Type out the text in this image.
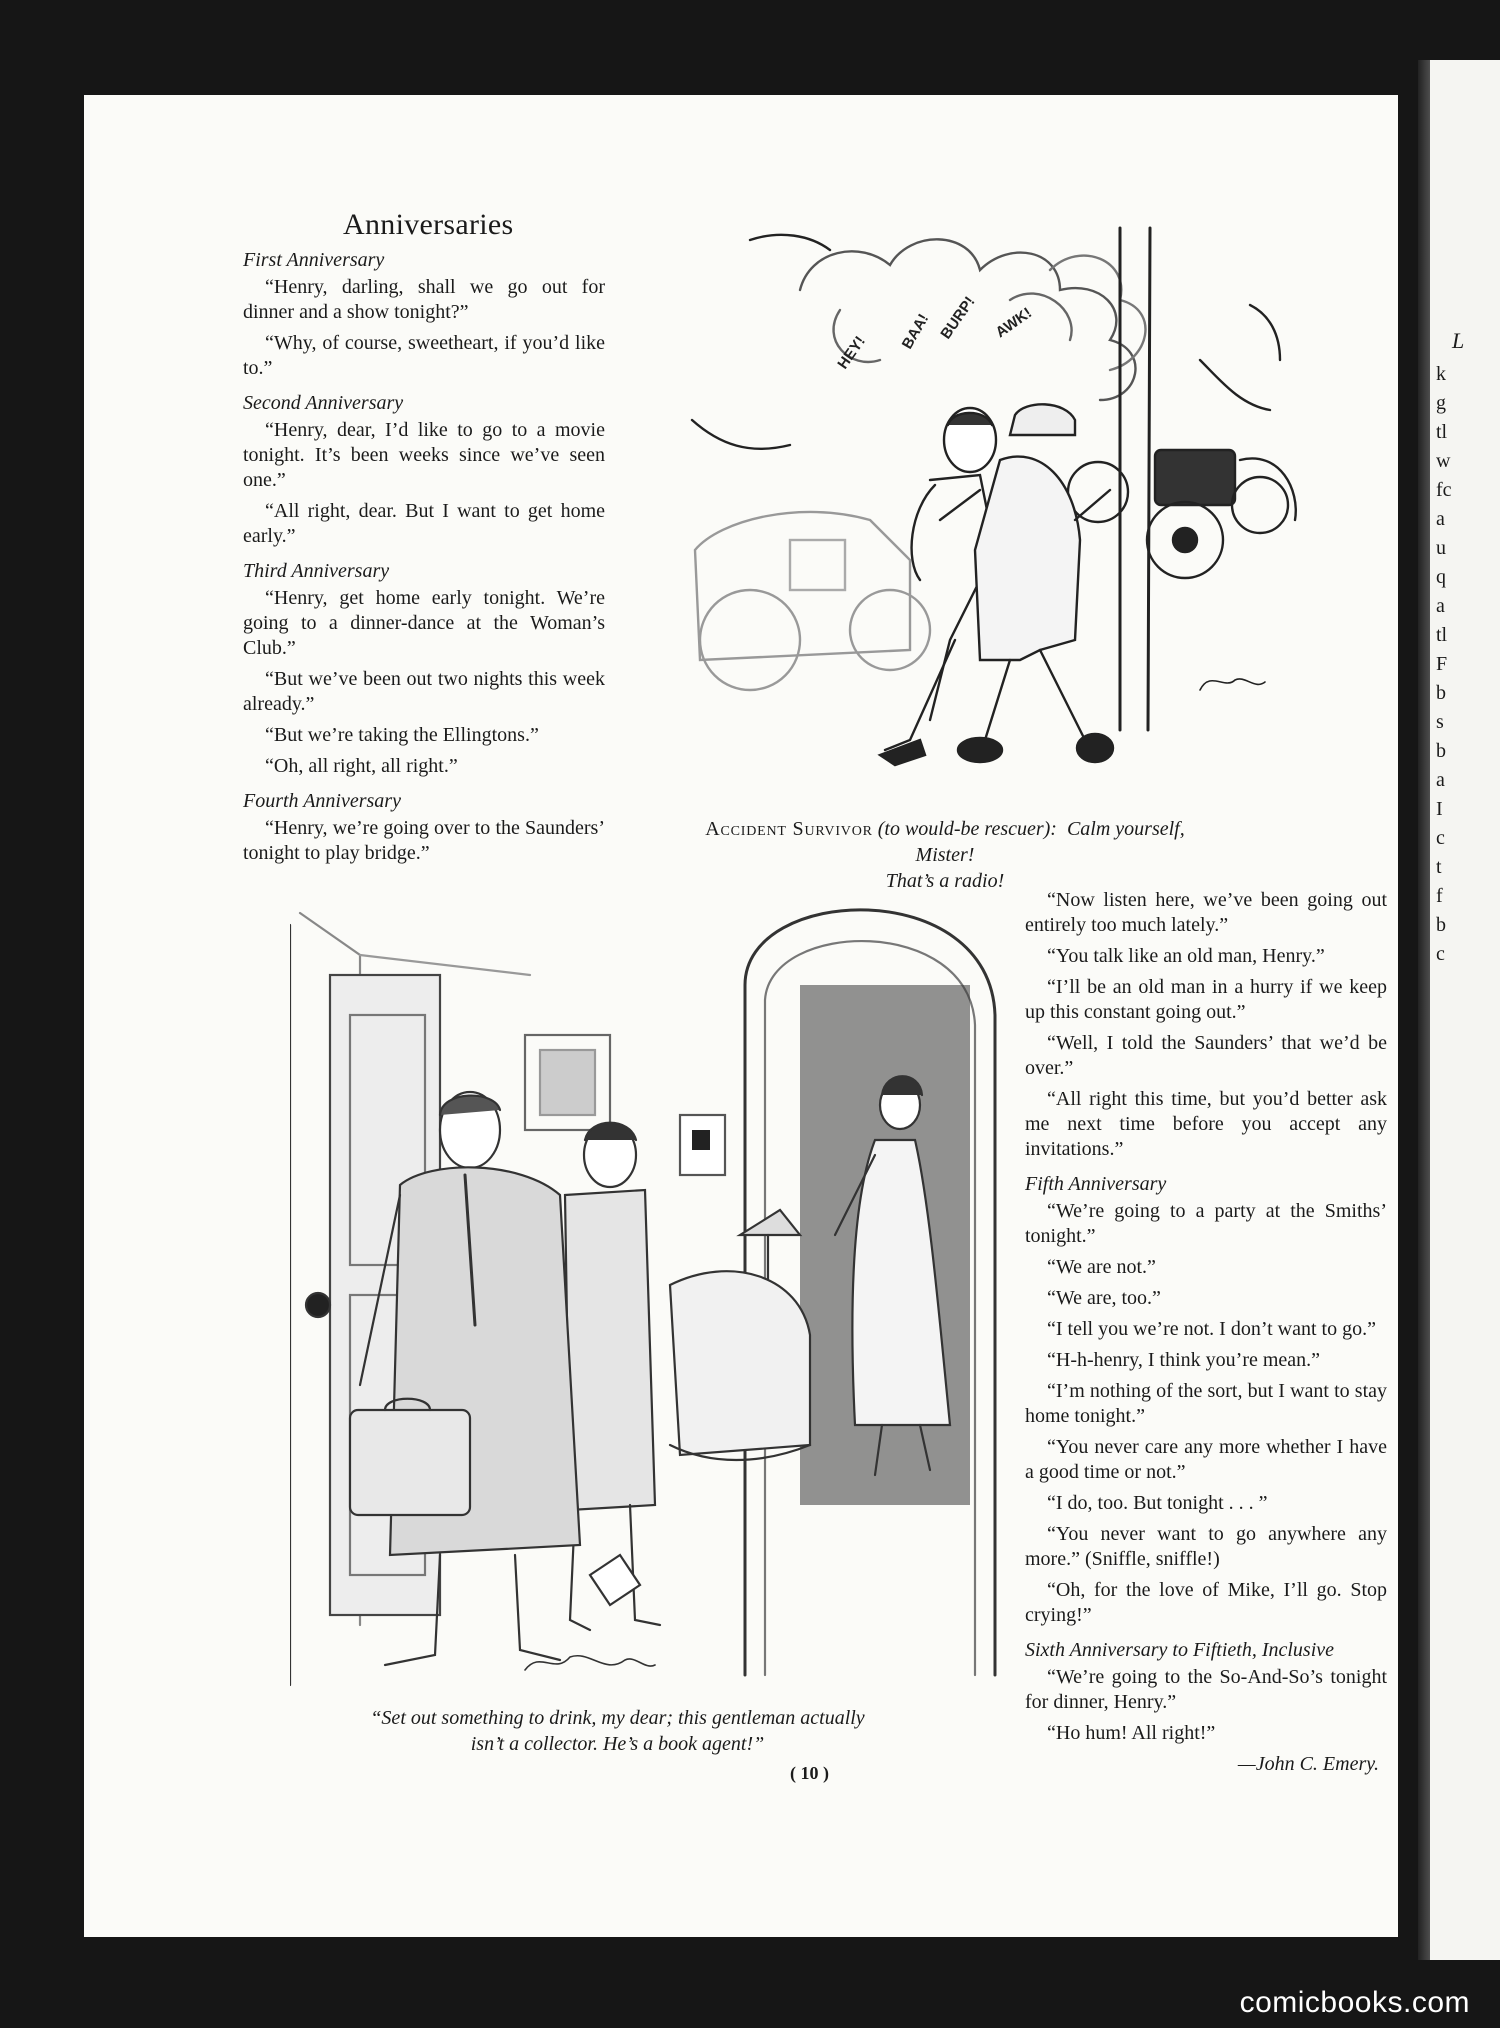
L
k
g
tl
w
fc
a
u
q
a
tl
F
b
s
b
a
I
c
t
f
b
c
Anniversaries
First Anniversary

“Henry, darling, shall we go out for dinner and a show tonight?”

“Why, of course, sweetheart, if you’d like to.”

Second Anniversary

“Henry, dear, I’d like to go to a movie tonight. It’s been weeks since we’ve seen one.”

“All right, dear. But I want to get home early.”

Third Anniversary

“Henry, get home early tonight. We’re going to a dinner-dance at the Woman’s Club.”

“But we’ve been out two nights this week already.”

“But we’re taking the Ellingtons.”

“Oh, all right, all right.”

Fourth Anniversary

“Henry, we’re going over to the Saunders’ tonight to play bridge.”

“Now listen here, we’ve been going out entirely too much lately.”

“You talk like an old man, Henry.”

“I’ll be an old man in a hurry if we keep up this constant going out.”

“Well, I told the Saunders’ that we’d be over.”

“All right this time, but you’d better ask me next time before you accept any invitations.”

Fifth Anniversary

“We’re going to a party at the Smiths’ tonight.”

“We are not.”

“We are, too.”

“I tell you we’re not. I don’t want to go.”

“H-h-henry, I think you’re mean.”

“I’m nothing of the sort, but I want to stay home tonight.”

“You never care any more whether I have a good time or not.”

“I do, too. But tonight . . . ”

“You never want to go anywhere any more.” (Sniffle, sniffle!)

“Oh, for the love of Mike, I’ll go. Stop crying!”

Sixth Anniversary to Fiftieth, Inclusive

“We’re going to the So-And-So’s tonight for dinner, Henry.”

“Ho hum! All right!”

—John C. Emery.
HEY!
BAA! BURP! AWK!
Accident Survivor (to would-be rescuer): Calm yourself, Mister!
That’s a radio!
“Set out something to drink, my dear; this gentleman actually
isn’t a collector. He’s a book agent!”
( 10 )
comicbooks.com
